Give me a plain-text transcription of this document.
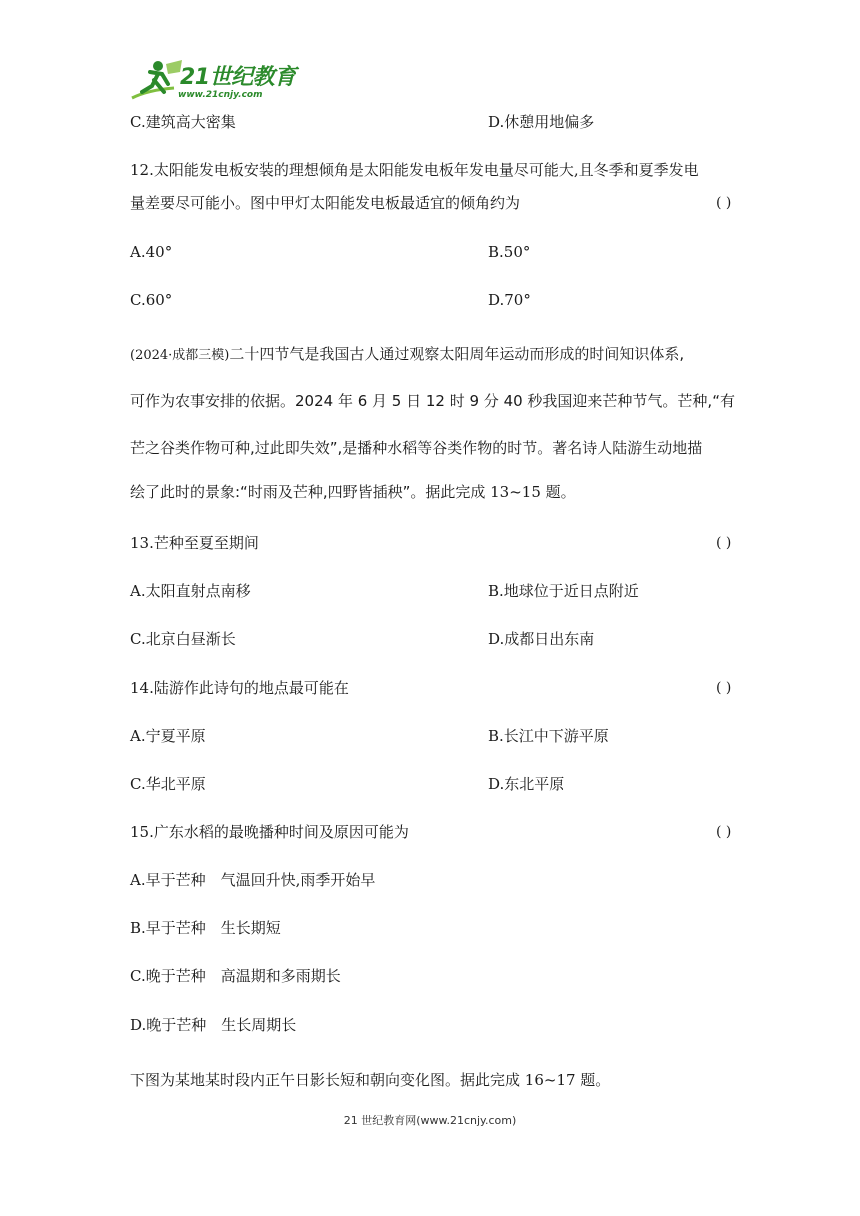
21世纪教育
www.21cnjy.com
C.建筑高大密集	D.休憩用地偏多
12.太阳能发电板安装的理想倾角是太阳能发电板年发电量尽可能大,且冬季和夏季发电
量差要尽可能小。图中甲灯太阳能发电板最适宜的倾角约为	( )
A.40°	B.50°
C.60°	D.70°
(2024·成都三模)二十四节气是我国古人通过观察太阳周年运动而形成的时间知识体系,
可作为农事安排的依据。2024 年 6 月 5 日 12 时 9 分 40 秒我国迎来芒种节气。芒种,“有
芒之谷类作物可种,过此即失效”,是播种水稻等谷类作物的时节。著名诗人陆游生动地描
绘了此时的景象:“时雨及芒种,四野皆插秧”。据此完成 13~15 题。
13.芒种至夏至期间	( )
A.太阳直射点南移	B.地球位于近日点附近
C.北京白昼渐长	D.成都日出东南
14.陆游作此诗句的地点最可能在	( )
A.宁夏平原	B.长江中下游平原
C.华北平原	D.东北平原
15.广东水稻的最晚播种时间及原因可能为	( )
A.早于芒种　气温回升快,雨季开始早
B.早于芒种　生长期短
C.晚于芒种　高温期和多雨期长
D.晚于芒种　生长周期长
下图为某地某时段内正午日影长短和朝向变化图。据此完成 16~17 题。
21 世纪教育网(www.21cnjy.com)
